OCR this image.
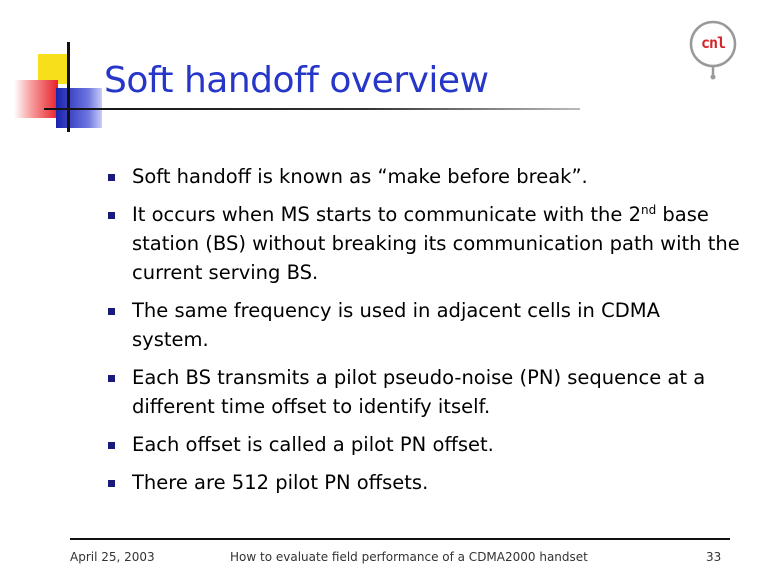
Soft handoff overview
cnl
Soft handoff is known as “make before break”.
It occurs when MS starts to communicate with the 2nd base station (BS) without breaking its communication path with the current serving BS.
The same frequency is used in adjacent cells in CDMA system.
Each BS transmits a pilot pseudo-noise (PN) sequence at a different time offset to identify itself.
Each offset is called a pilot PN offset.
There are 512 pilot PN offsets.
April 25, 2003	How to evaluate field performance of a CDMA2000 handset	33
